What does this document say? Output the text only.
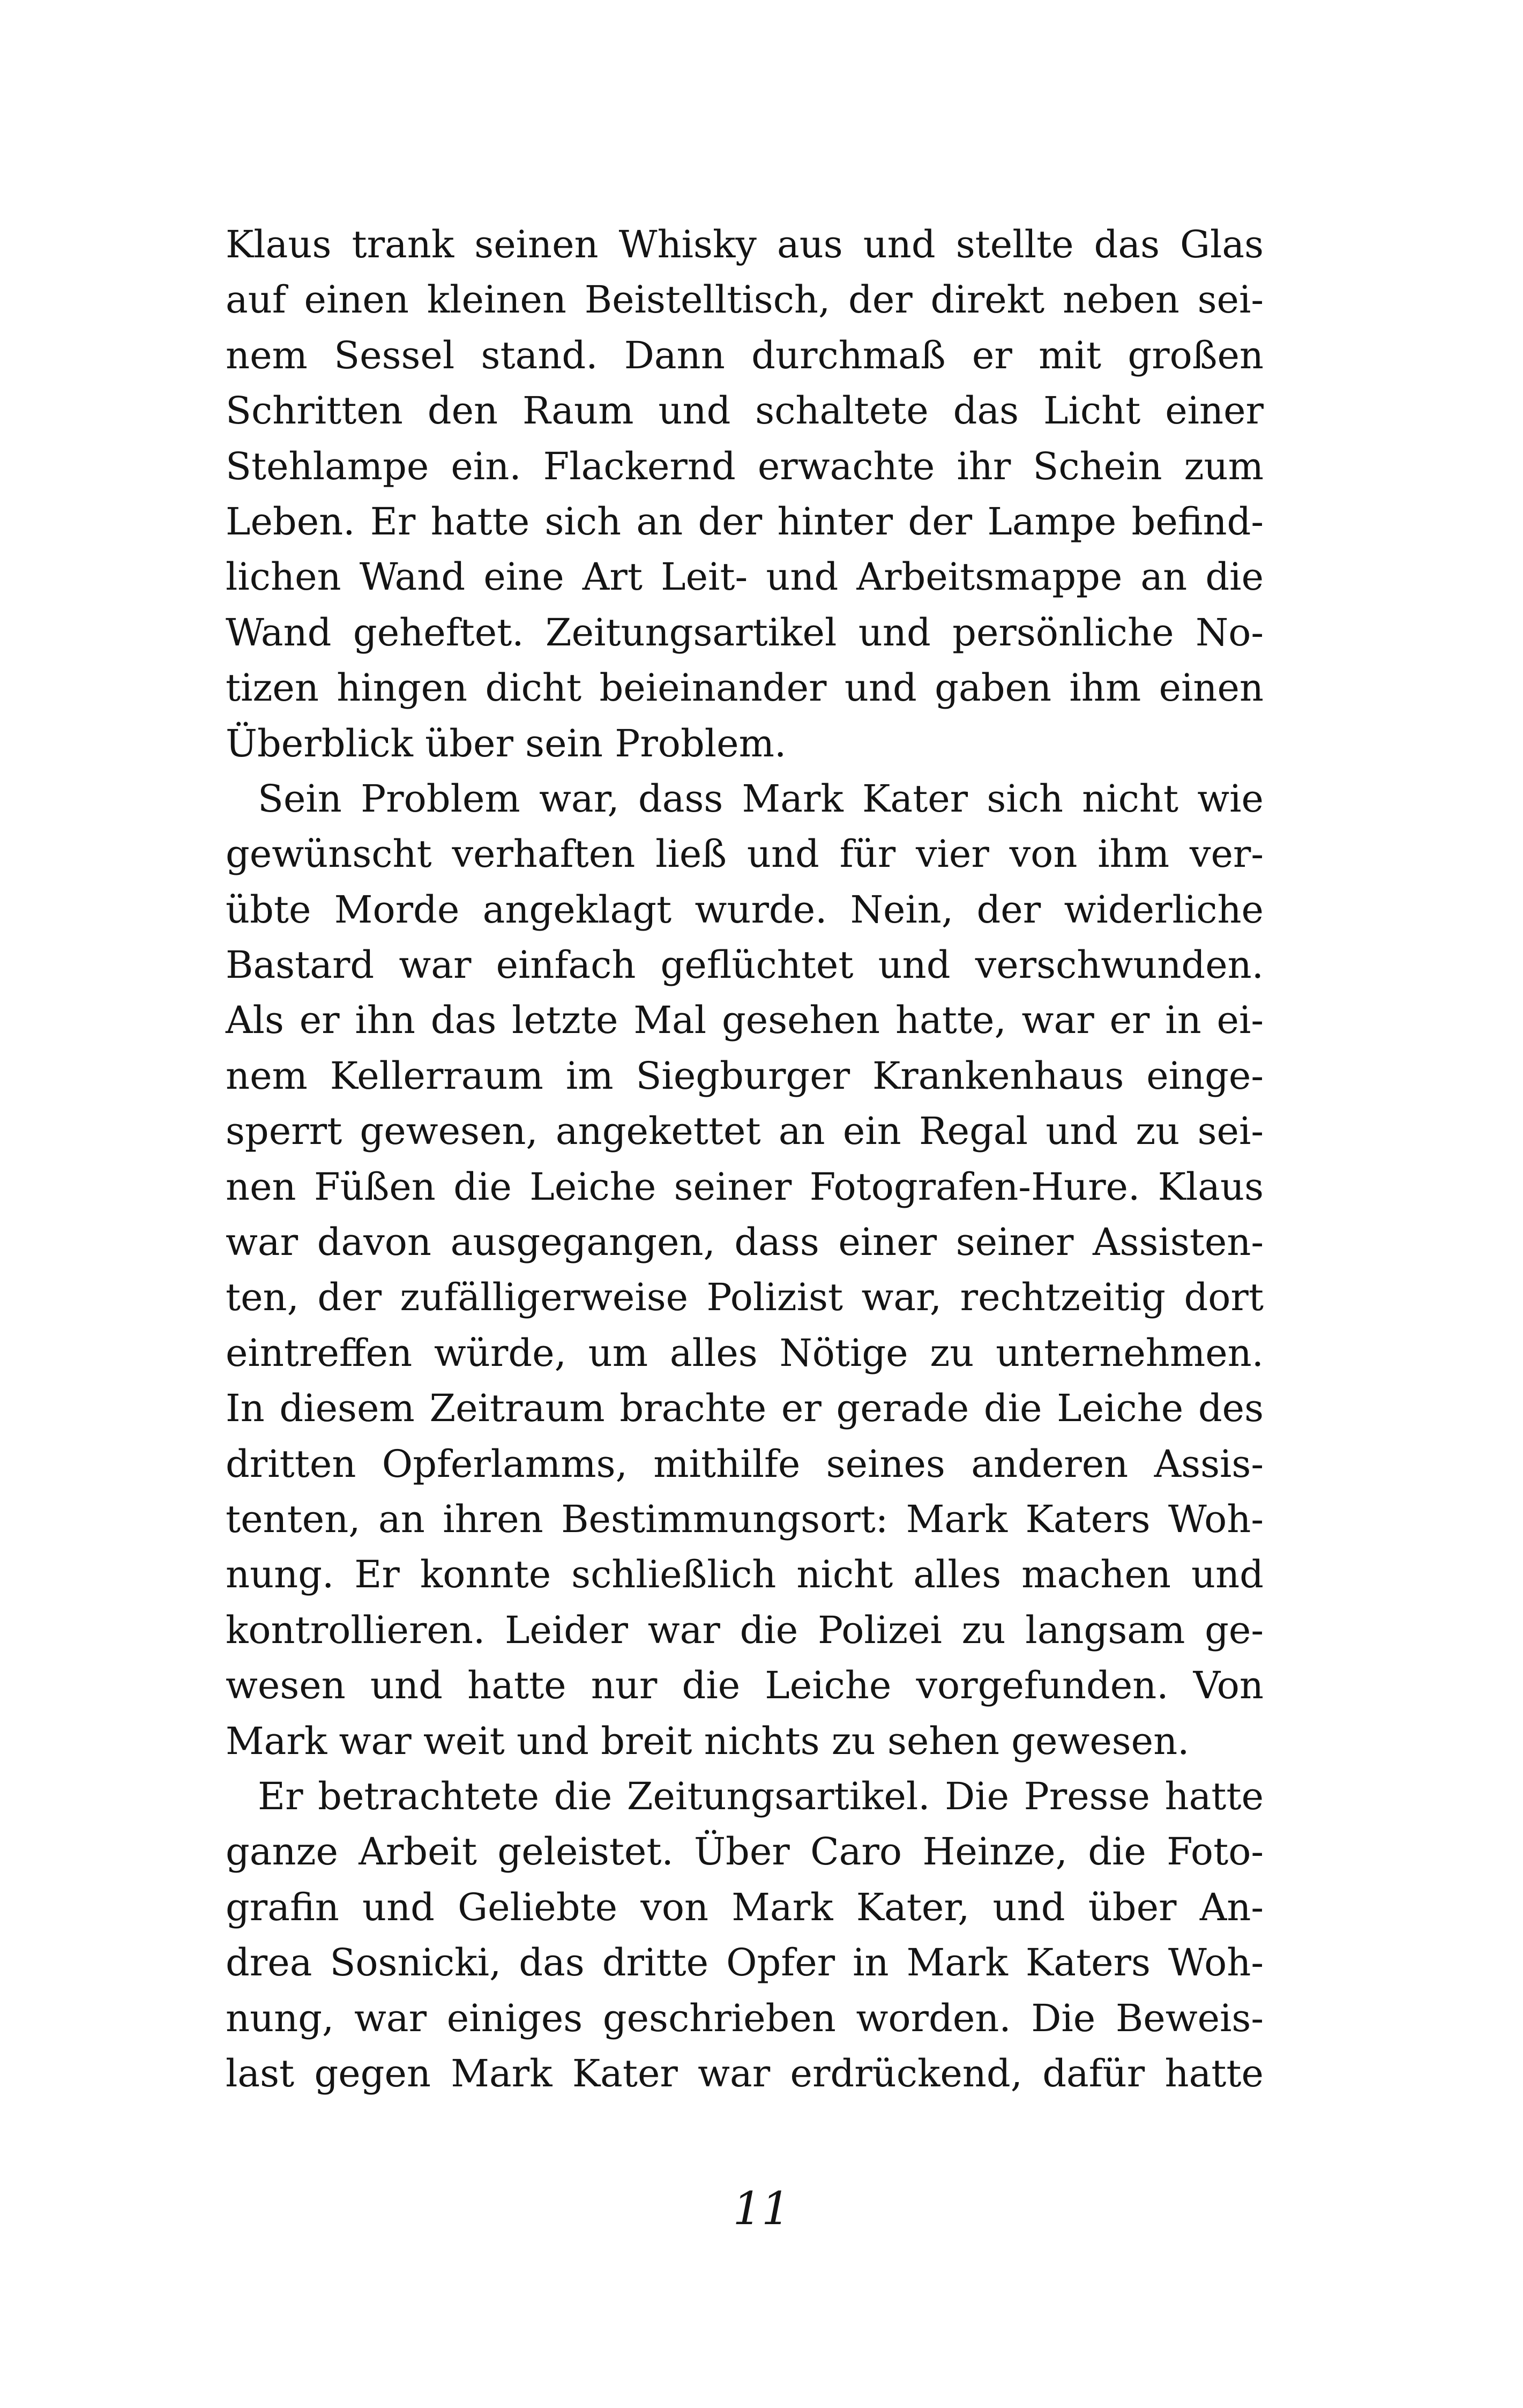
Klaus trank seinen Whisky aus und stellte das Glas
auf einen kleinen Beistelltisch, der direkt neben sei-
nem Sessel stand. Dann durchmaß er mit großen
Schritten den Raum und schaltete das Licht einer
Stehlampe ein. Flackernd erwachte ihr Schein zum
Leben. Er hatte sich an der hinter der Lampe befind-
lichen Wand eine Art Leit- und Arbeitsmappe an die
Wand geheftet. Zeitungsartikel und persönliche No-
tizen hingen dicht beieinander und gaben ihm einen
Überblick über sein Problem.
Sein Problem war, dass Mark Kater sich nicht wie
gewünscht verhaften ließ und für vier von ihm ver-
übte Morde angeklagt wurde. Nein, der widerliche
Bastard war einfach geflüchtet und verschwunden.
Als er ihn das letzte Mal gesehen hatte, war er in ei-
nem Kellerraum im Siegburger Krankenhaus einge-
sperrt gewesen, angekettet an ein Regal und zu sei-
nen Füßen die Leiche seiner Fotografen-Hure. Klaus
war davon ausgegangen, dass einer seiner Assisten-
ten, der zufälligerweise Polizist war, rechtzeitig dort
eintreffen würde, um alles Nötige zu unternehmen.
In diesem Zeitraum brachte er gerade die Leiche des
dritten Opferlamms, mithilfe seines anderen Assis-
tenten, an ihren Bestimmungsort: Mark Katers Woh-
nung. Er konnte schließlich nicht alles machen und
kontrollieren. Leider war die Polizei zu langsam ge-
wesen und hatte nur die Leiche vorgefunden. Von
Mark war weit und breit nichts zu sehen gewesen.
Er betrachtete die Zeitungsartikel. Die Presse hatte
ganze Arbeit geleistet. Über Caro Heinze, die Foto-
grafin und Geliebte von Mark Kater, und über An-
drea Sosnicki, das dritte Opfer in Mark Katers Woh-
nung, war einiges geschrieben worden. Die Beweis-
last gegen Mark Kater war erdrückend, dafür hatte
11
